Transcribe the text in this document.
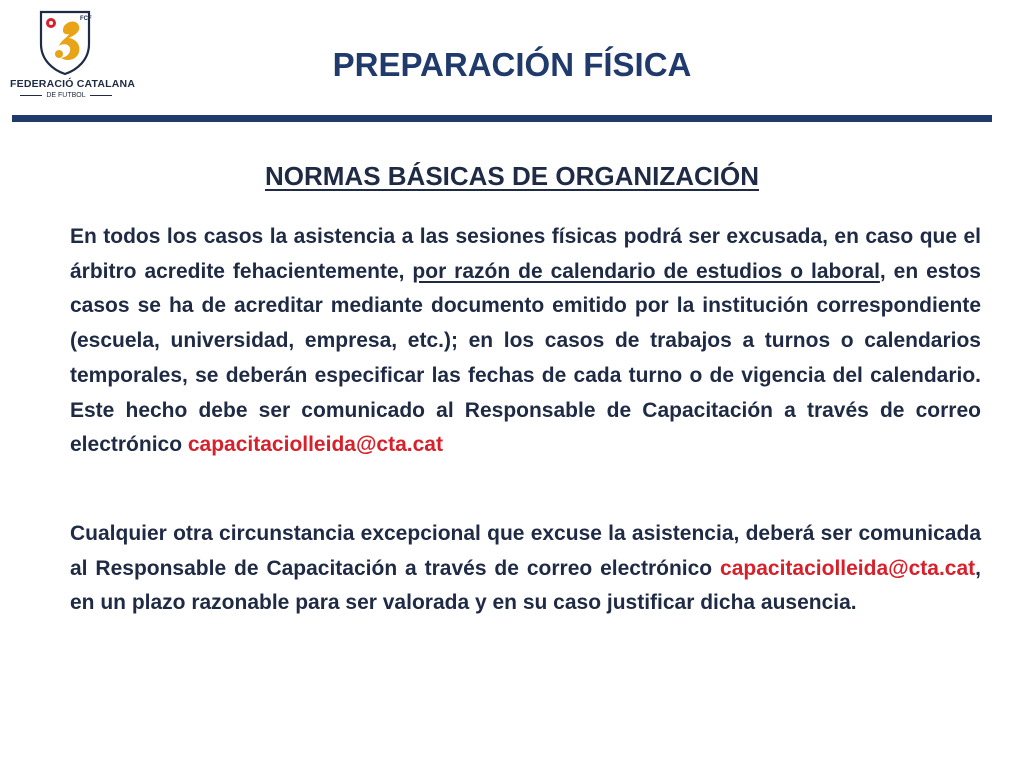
FCF
FEDERACIÓ CATALANA
DE FUTBOL
PREPARACIÓN FÍSICA
NORMAS BÁSICAS DE ORGANIZACIÓN

En todos los casos la asistencia a las sesiones físicas podrá ser excusada, en caso que el árbitro acredite fehacientemente, por razón de calendario de estudios o laboral, en estos casos se ha de acreditar mediante documento emitido por la institución correspondiente (escuela, universidad, empresa, etc.); en los casos de trabajos a turnos o calendarios temporales, se deberán especificar las fechas de cada turno o de vigencia del calendario. Este hecho debe ser comunicado al Responsable de Capacitación a través de correo electrónico capacitaciolleida@cta.cat

Cualquier otra circunstancia excepcional que excuse la asistencia, deberá ser comunicada al Responsable de Capacitación a través de correo electrónico capacitaciolleida@cta.cat, en un plazo razonable para ser valorada y en su caso justificar dicha ausencia.
